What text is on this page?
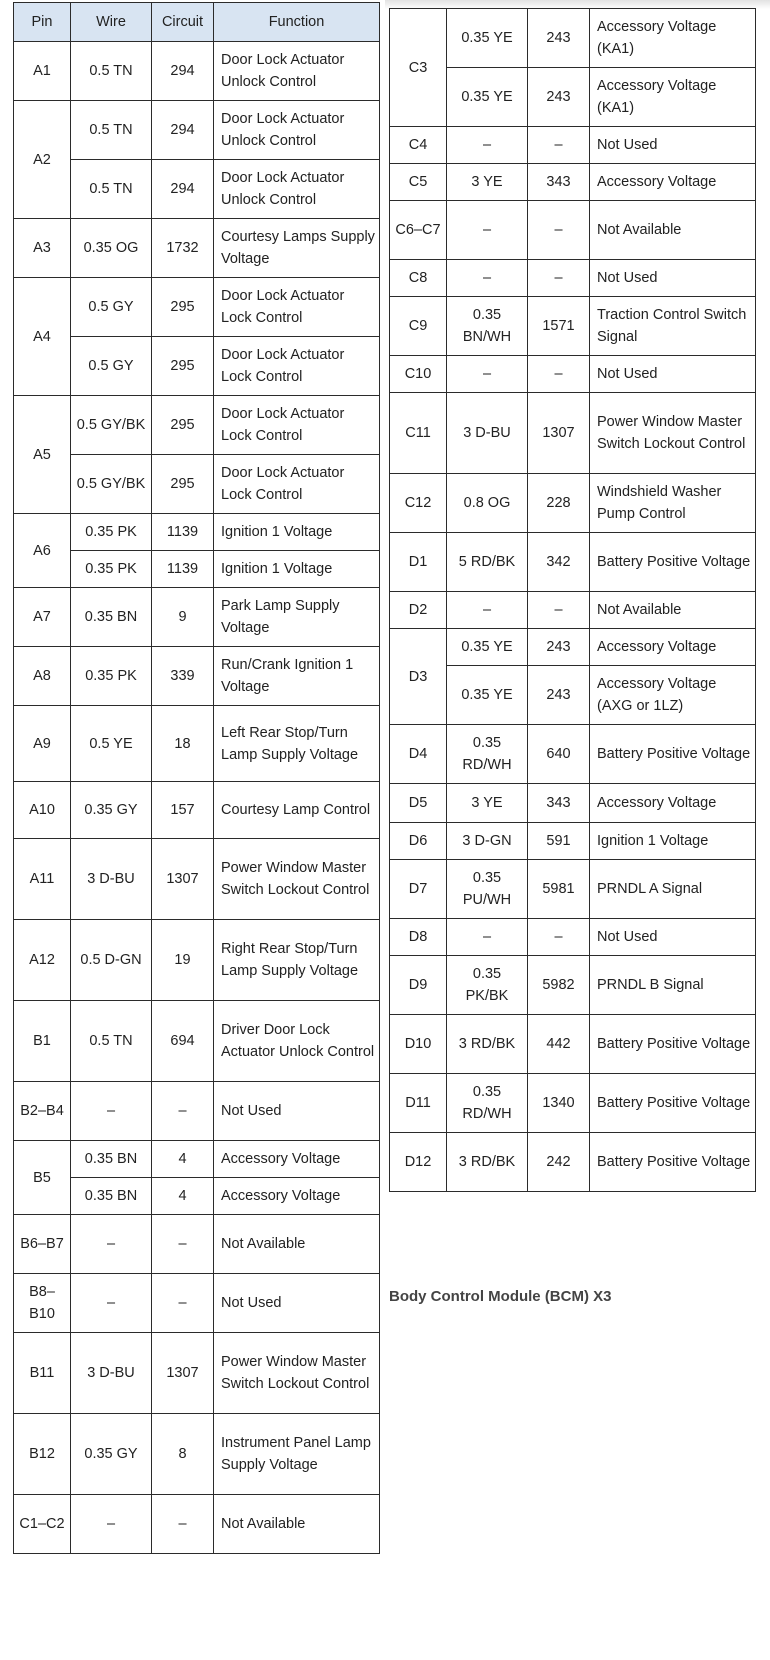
Pin	Wire	Circuit	Function
A1	0.5 TN	294	Door Lock Actuator Unlock Control
A2	0.5 TN	294	Door Lock Actuator Unlock Control
	0.5 TN	294	Door Lock Actuator Unlock Control
A3	0.35 OG	1732	Courtesy Lamps Supply Voltage
A4	0.5 GY	295	Door Lock Actuator Lock Control
	0.5 GY	295	Door Lock Actuator Lock Control
A5	0.5 GY/BK	295	Door Lock Actuator Lock Control
	0.5 GY/BK	295	Door Lock Actuator Lock Control
A6	0.35 PK	1139	Ignition 1 Voltage
	0.35 PK	1139	Ignition 1 Voltage
A7	0.35 BN	9	Park Lamp Supply Voltage
A8	0.35 PK	339	Run/Crank Ignition 1 Voltage
A9	0.5 YE	18	Left Rear Stop/Turn Lamp Supply Voltage
A10	0.35 GY	157	Courtesy Lamp Control
A11	3 D-BU	1307	Power Window Master Switch Lockout Control
A12	0.5 D-GN	19	Right Rear Stop/Turn Lamp Supply Voltage
B1	0.5 TN	694	Driver Door Lock Actuator Unlock Control
B2–B4	–	–	Not Used
B5	0.35 BN	4	Accessory Voltage
	0.35 BN	4	Accessory Voltage
B6–B7	–	–	Not Available
B8–B10	–	–	Not Used
B11	3 D-BU	1307	Power Window Master Switch Lockout Control
B12	0.35 GY	8	Instrument Panel Lamp Supply Voltage
C1–C2	–	–	Not Available
C3	0.35 YE	243	Accessory Voltage (KA1)
	0.35 YE	243	Accessory Voltage (KA1)
C4	–	–	Not Used
C5	3 YE	343	Accessory Voltage
C6–C7	–	–	Not Available
C8	–	–	Not Used
C9	0.35 BN/WH	1571	Traction Control Switch Signal
C10	–	–	Not Used
C11	3 D-BU	1307	Power Window Master Switch Lockout Control
C12	0.8 OG	228	Windshield Washer Pump Control
D1	5 RD/BK	342	Battery Positive Voltage
D2	–	–	Not Available
D3	0.35 YE	243	Accessory Voltage
	0.35 YE	243	Accessory Voltage (AXG or 1LZ)
D4	0.35 RD/WH	640	Battery Positive Voltage
D5	3 YE	343	Accessory Voltage
D6	3 D-GN	591	Ignition 1 Voltage
D7	0.35 PU/WH	5981	PRNDL A Signal
D8	–	–	Not Used
D9	0.35 PK/BK	5982	PRNDL B Signal
D10	3 RD/BK	442	Battery Positive Voltage
D11	0.35 RD/WH	1340	Battery Positive Voltage
D12	3 RD/BK	242	Battery Positive Voltage
Body Control Module (BCM) X3
